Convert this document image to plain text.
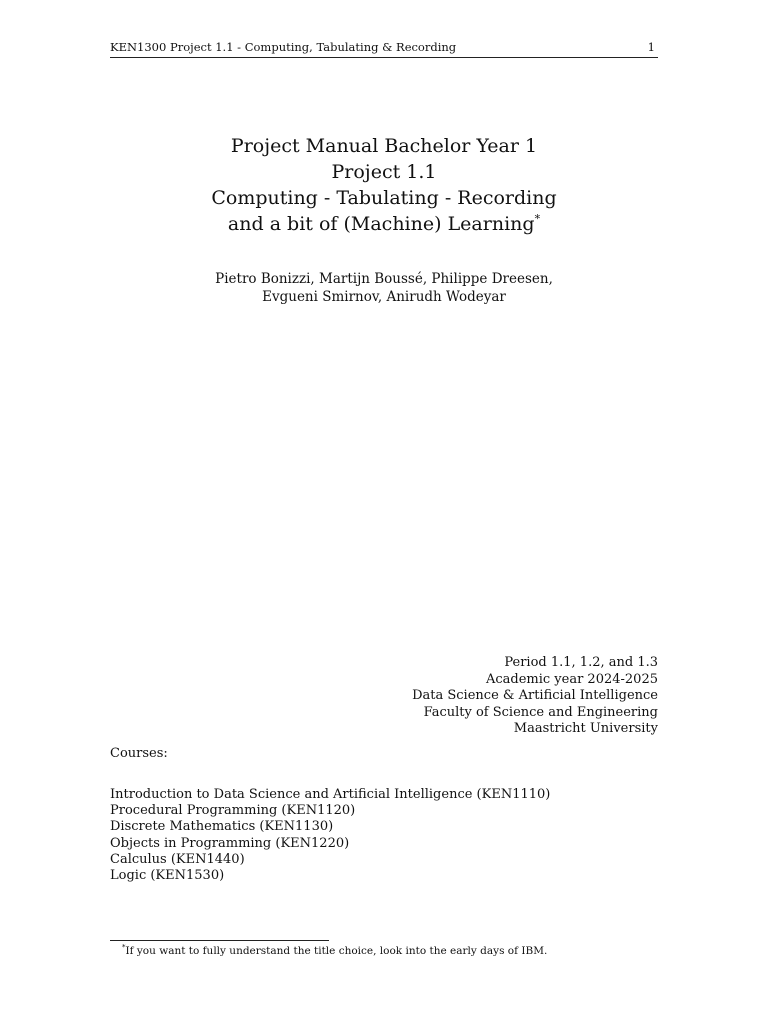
KEN1300 Project 1.1 - Computing, Tabulating & Recording	1
Project Manual Bachelor Year 1
Project 1.1
Computing - Tabulating - Recording
and a bit of (Machine) Learning*
Pietro Bonizzi, Martijn Boussé, Philippe Dreesen,
Evgueni Smirnov, Anirudh Wodeyar
Period 1.1, 1.2, and 1.3
Academic year 2024-2025
Data Science & Artificial Intelligence
Faculty of Science and Engineering
Maastricht University
Courses:
Introduction to Data Science and Artificial Intelligence (KEN1110)
Procedural Programming (KEN1120)
Discrete Mathematics (KEN1130)
Objects in Programming (KEN1220)
Calculus (KEN1440)
Logic (KEN1530)
*If you want to fully understand the title choice, look into the early days of IBM.
